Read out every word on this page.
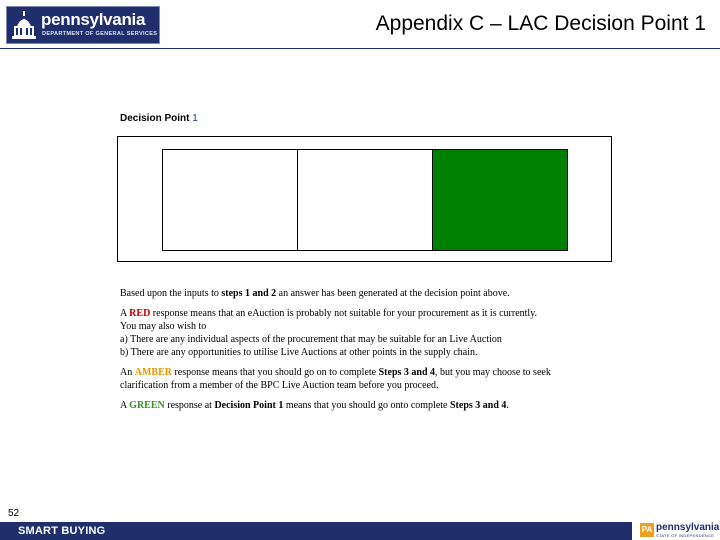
pennsylvania
DEPARTMENT OF GENERAL SERVICES	Appendix C – LAC Decision Point 1
Decision Point 1

Based upon the inputs to steps 1 and 2 an answer has been generated at the decision point above.

A RED response means that an eAuction is probably not suitable for your procurement as it is currently.
You may also wish to
a) There are any individual aspects of the procurement that may be suitable for an Live Auction
b) There are any opportunities to utilise Live Auctions at other points in the supply chain.

An AMBER response means that you should go on to complete Steps 3 and 4, but you may choose to seek
clarification from a member of the BPC Live Auction team before you proceed.

A GREEN response at Decision Point 1 means that you should go onto complete Steps 3 and 4.

52
SMART BUYING	PA pennsylvania
STATE OF INDEPENDENCE
